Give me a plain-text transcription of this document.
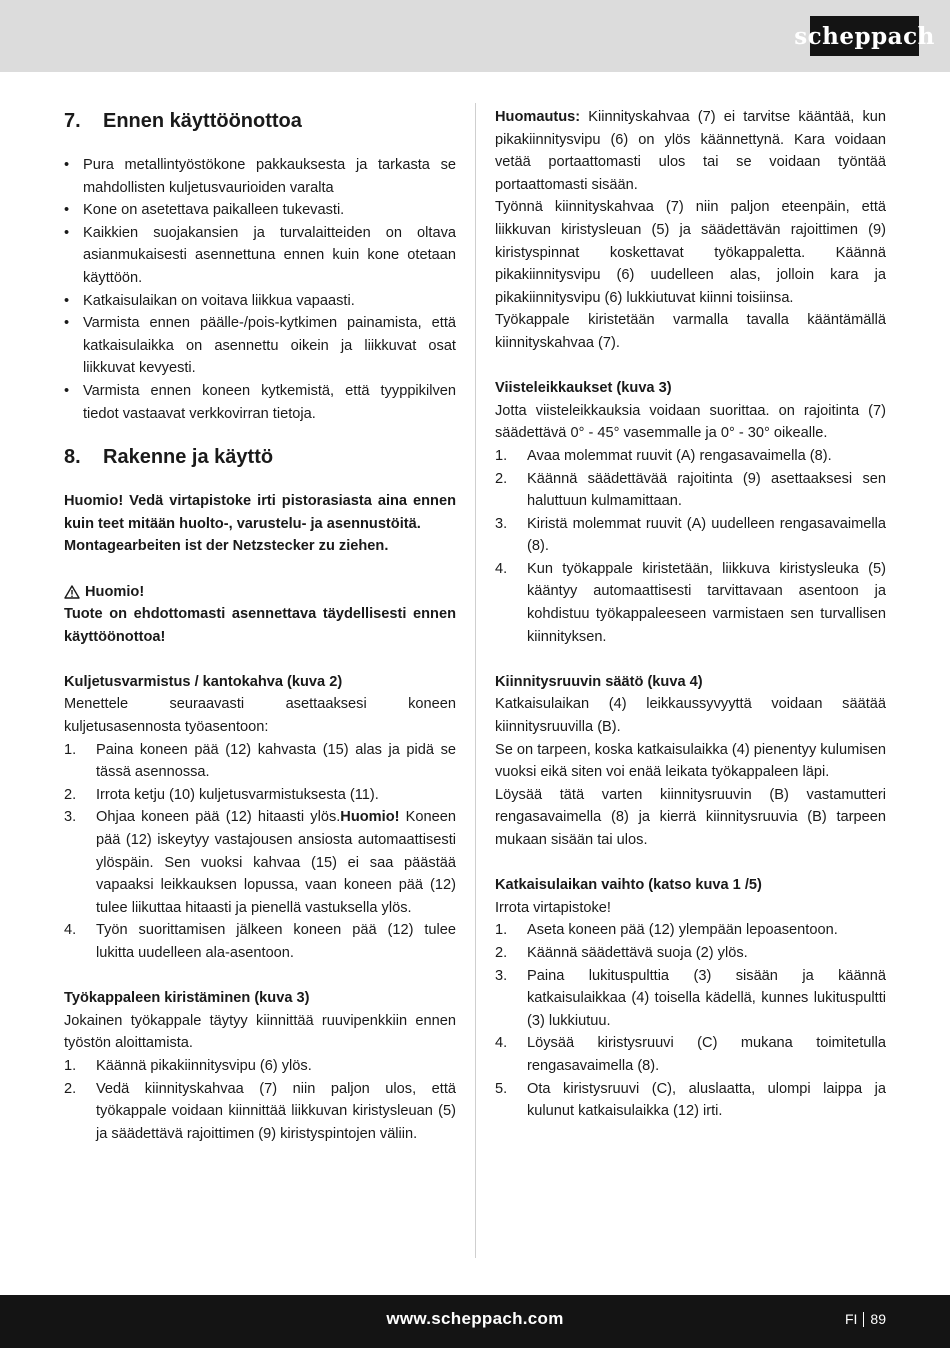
scheppach
7.	Ennen käyttöönottoa
• Pura metallintyöstökone pakkauksesta ja tarkasta se mahdollisten kuljetusvaurioiden varalta
• Kone on asetettava paikalleen tukevasti.
• Kaikkien suojakansien ja turvalaitteiden on oltava asianmukaisesti asennettuna ennen kuin kone otetaan käyttöön.
• Katkaisulaikan on voitava liikkua vapaasti.
• Varmista ennen päälle-/pois-kytkimen painamista, että katkaisulaikka on asennettu oikein ja liikkuvat osat liikkuvat kevyesti.
• Varmista ennen koneen kytkemistä, että tyyppikilven tiedot vastaavat verkkovirran tietoja.
8.	Rakenne ja käyttö

Huomio! Vedä virtapistoke irti pistorasiasta aina ennen kuin teet mitään huolto-, varustelu- ja asennustöitä.

Montagearbeiten ist der Netzstecker zu ziehen.

Huomio!

Tuote on ehdottomasti asennettava täydellisesti ennen käyttöönottoa!

Kuljetusvarmistus / kantokahva (kuva 2)

Menettele seuraavasti asettaaksesi koneen kuljetusasennosta työasentoon:

1.	Paina koneen pää (12) kahvasta (15) alas ja pidä se tässä asennossa.
2.	Irrota ketju (10) kuljetusvarmistuksesta (11).
3.	Ohjaa koneen pää (12) hitaasti ylös.Huomio! Koneen pää (12) iskeytyy vastajousen ansiosta automaattisesti ylöspäin. Sen vuoksi kahvaa (15) ei saa päästää vapaaksi leikkauksen lopussa, vaan koneen pää (12) tulee liikuttaa hitaasti ja pienellä vastuksella ylös.
4.	Työn suorittamisen jälkeen koneen pää (12) tulee lukitta uudelleen ala-asentoon.

Työkappaleen kiristäminen (kuva 3)

Jokainen työkappale täytyy kiinnittää ruuvipenkkiin ennen työstön aloittamista.

1.	Käännä pikakiinnitysvipu (6) ylös.
2.	Vedä kiinnityskahvaa (7) niin paljon ulos, että työkappale voidaan kiinnittää liikkuvan kiristysleuan (5) ja säädettävä rajoittimen (9) kiristyspintojen väliin.

Huomautus: Kiinnityskahvaa (7) ei tarvitse kääntää, kun pikakiinnitysvipu (6) on ylös käännettynä. Kara voidaan vetää portaattomasti ulos tai se voidaan työntää portaattomasti sisään.

Työnnä kiinnityskahvaa (7) niin paljon eteenpäin, että liikkuvan kiristysleuan (5) ja säädettävän rajoittimen (9) kiristyspinnat koskettavat työkappaletta. Käännä pikakiinnitysvipu (6) uudelleen alas, jolloin kara ja pikakiinnitysvipu (6) lukkiutuvat kiinni toisiinsa.

Työkappale kiristetään varmalla tavalla kääntämällä kiinnityskahvaa (7).

Viisteleikkaukset (kuva 3)

Jotta viisteleikkauksia voidaan suorittaa. on rajoitinta (7) säädettävä 0° - 45° vasemmalle ja 0° - 30° oikealle.

1.	Avaa molemmat ruuvit (A) rengasavaimella (8).
2.	Käännä säädettävää rajoitinta (9) asettaaksesi sen haluttuun kulmamittaan.
3.	Kiristä molemmat ruuvit (A) uudelleen rengasavaimella (8).
4.	Kun työkappale kiristetään, liikkuva kiristysleuka (5) kääntyy automaattisesti tarvittavaan asentoon ja kohdistuu työkappaleeseen varmistaen sen turvallisen kiinnityksen.

Kiinnitysruuvin säätö (kuva 4)

Katkaisulaikan (4) leikkaussyvyyttä voidaan säätää kiinnitysruuvilla (B).

Se on tarpeen, koska katkaisulaikka (4) pienentyy kulumisen vuoksi eikä siten voi enää leikata työkappaleen läpi.

Löysää tätä varten kiinnitysruuvin (B) vastamutteri rengasavaimella (8) ja kierrä kiinnitysruuvia (B) tarpeen mukaan sisään tai ulos.

Katkaisulaikan vaihto (katso kuva 1 /5)

Irrota virtapistoke!

1.	Aseta koneen pää (12) ylempään lepoasentoon.
2.	Käännä säädettävä suoja (2) ylös.
3.	Paina lukituspulttia (3) sisään ja käännä katkaisulaikkaa (4) toisella kädellä, kunnes lukituspultti (3) lukkiutuu.
4.	Löysää kiristysruuvi (C) mukana toimitetulla rengasavaimella (8).
5.	Ota kiristysruuvi (C), aluslaatta, ulompi laippa ja kulunut katkaisulaikka (12) irti.
www.scheppach.com	FI 89
